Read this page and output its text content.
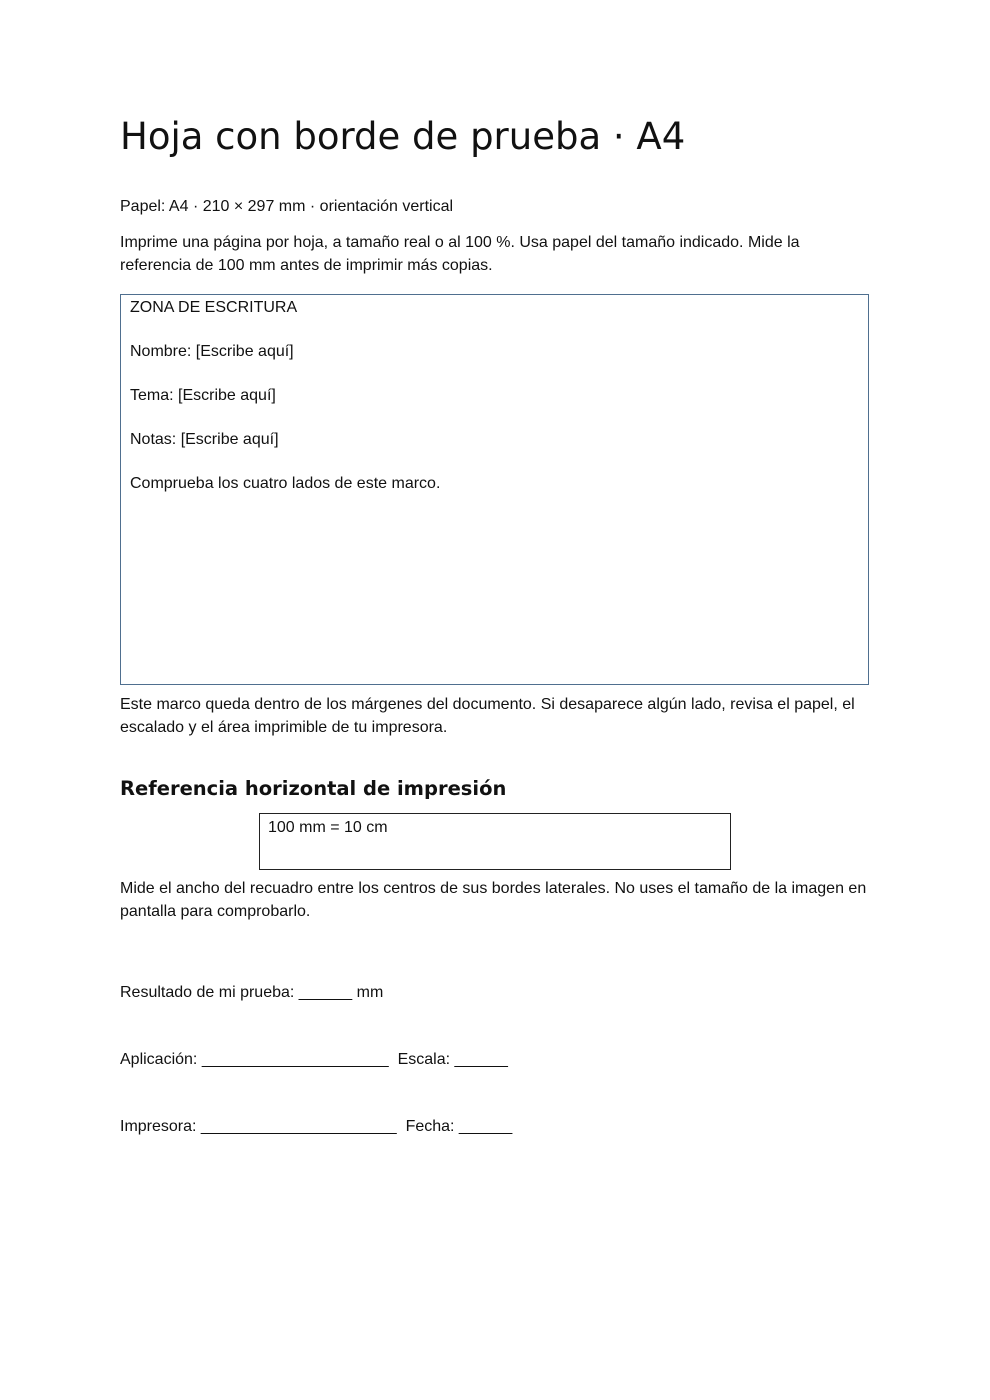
Hoja con borde de prueba · A4

Papel: A4 · 210 × 297 mm · orientación vertical

Imprime una página por hoja, a tamaño real o al 100 %. Usa papel del tamaño indicado. Mide la referencia de 100 mm antes de imprimir más copias.

ZONA DE ESCRITURA

Nombre: [Escribe aquí]

Tema: [Escribe aquí]

Notas: [Escribe aquí]

Comprueba los cuatro lados de este marco.

Este marco queda dentro de los márgenes del documento. Si desaparece algún lado, revisa el papel, el escalado y el área imprimible de tu impresora.

Referencia horizontal de impresión

100 mm = 10 cm

Mide el ancho del recuadro entre los centros de sus bordes laterales. No uses el tamaño de la imagen en pantalla para comprobarlo.

Resultado de mi prueba: ______ mm

Aplicación: _____________________  Escala: ______

Impresora: ______________________  Fecha: ______
